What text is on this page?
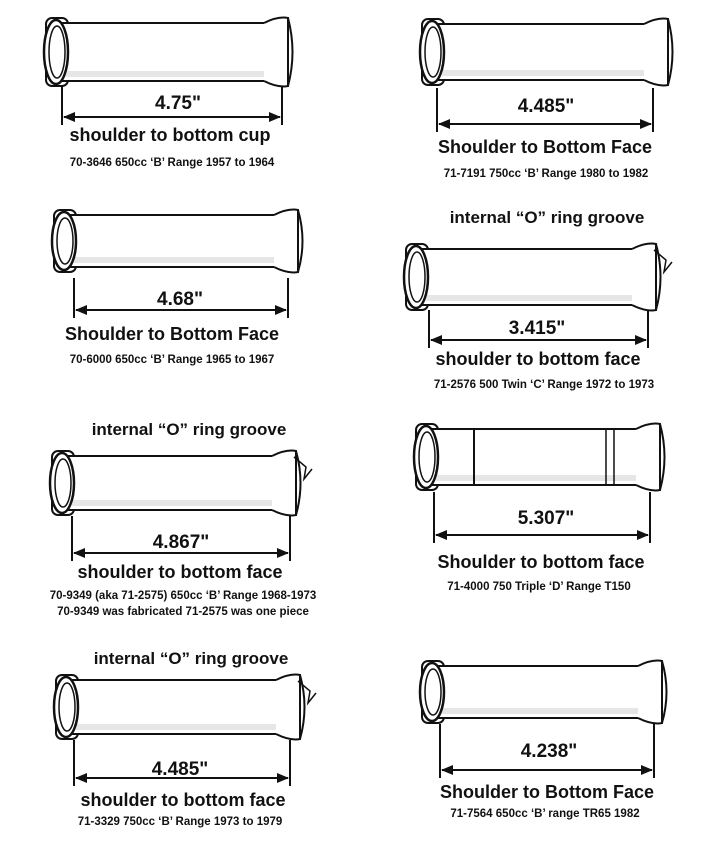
4.75"
shoulder to bottom cup
70-3646 650cc ‘B’ Range 1957 to 1964
4.485"
Shoulder to Bottom Face
71-7191 750cc ‘B’ Range 1980 to 1982
4.68"
Shoulder to Bottom Face
70-6000 650cc ‘B’ Range 1965 to 1967
internal “O” ring groove
3.415"
shoulder to bottom face
71-2576 500 Twin ‘C’ Range 1972 to 1973
internal “O” ring groove
4.867"
shoulder to bottom face
70-9349 (aka 71-2575) 650cc ‘B’ Range 1968-1973
70-9349 was fabricated 71-2575 was one piece
5.307"
Shoulder to bottom face
71-4000 750 Triple ‘D’ Range T150
internal “O” ring groove
4.485"
shoulder to bottom face
71-3329 750cc ‘B’ Range 1973 to 1979
4.238"
Shoulder to Bottom Face
71-7564 650cc ‘B’ range TR65 1982
